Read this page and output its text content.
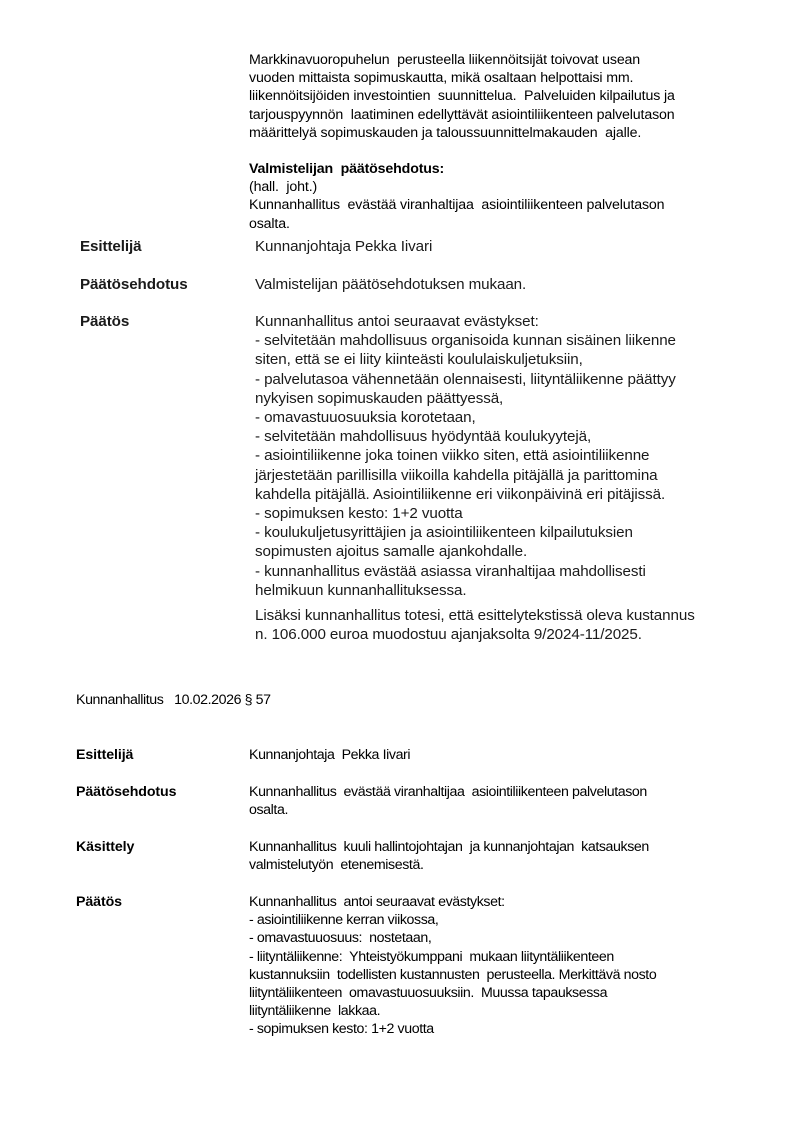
Markkinavuoropuhelun  perusteella liikennöitsijät toivovat usean
vuoden mittaista sopimuskautta, mikä osaltaan helpottaisi mm.
liikennöitsijöiden investointien  suunnittelua.  Palveluiden kilpailutus ja
tarjouspyynnön  laatiminen edellyttävät asiointiliikenteen palvelutason
määrittelyä sopimuskauden ja taloussuunnittelmakauden  ajalle.
Valmistelijan  päätösehdotus:
(hall.  joht.)
Kunnanhallitus  evästää viranhaltijaa  asiointiliikenteen palvelutason
osalta.
Esittelijä	Kunnanjohtaja Pekka Iivari
Päätösehdotus	Valmistelijan päätösehdotuksen mukaan.
Päätös	Kunnanhallitus antoi seuraavat evästykset:
- selvitetään mahdollisuus organisoida kunnan sisäinen liikenne
siten, että se ei liity kiinteästi koululaiskuljetuksiin,
- palvelutasoa vähennetään olennaisesti, liityntäliikenne päättyy
nykyisen sopimuskauden päättyessä,
- omavastuuosuuksia korotetaan,
- selvitetään mahdollisuus hyödyntää koulukyytejä,
- asiointiliikenne joka toinen viikko siten, että asiointiliikenne
järjestetään parillisilla viikoilla kahdella pitäjällä ja parittomina
kahdella pitäjällä. Asiointiliikenne eri viikonpäivinä eri pitäjissä.
- sopimuksen kesto: 1+2 vuotta
- koulukuljetusyrittäjien ja asiointiliikenteen kilpailutuksien
sopimusten ajoitus samalle ajankohdalle.
- kunnanhallitus evästää asiassa viranhaltijaa mahdollisesti
helmikuun kunnanhallituksessa.
Lisäksi kunnanhallitus totesi, että esittelytekstissä oleva kustannus
n. 106.000 euroa muodostuu ajanjaksolta 9/2024-11/2025.
Kunnanhallitus   10.02.2026 § 57
Esittelijä	Kunnanjohtaja  Pekka Iivari
Päätösehdotus	Kunnanhallitus  evästää viranhaltijaa  asiointiliikenteen palvelutason
osalta.
Käsittely	Kunnanhallitus  kuuli hallintojohtajan  ja kunnanjohtajan  katsauksen
valmistelutyön  etenemisestä.
Päätös	Kunnanhallitus  antoi seuraavat evästykset:
- asiointiliikenne kerran viikossa,
- omavastuuosuus:  nostetaan,
- liityntäliikenne:  Yhteistyökumppani  mukaan liityntäliikenteen
kustannuksiin  todellisten kustannusten  perusteella. Merkittävä nosto
liityntäliikenteen  omavastuuosuuksiin.  Muussa tapauksessa
liityntäliikenne  lakkaa.
- sopimuksen kesto: 1+2 vuotta
